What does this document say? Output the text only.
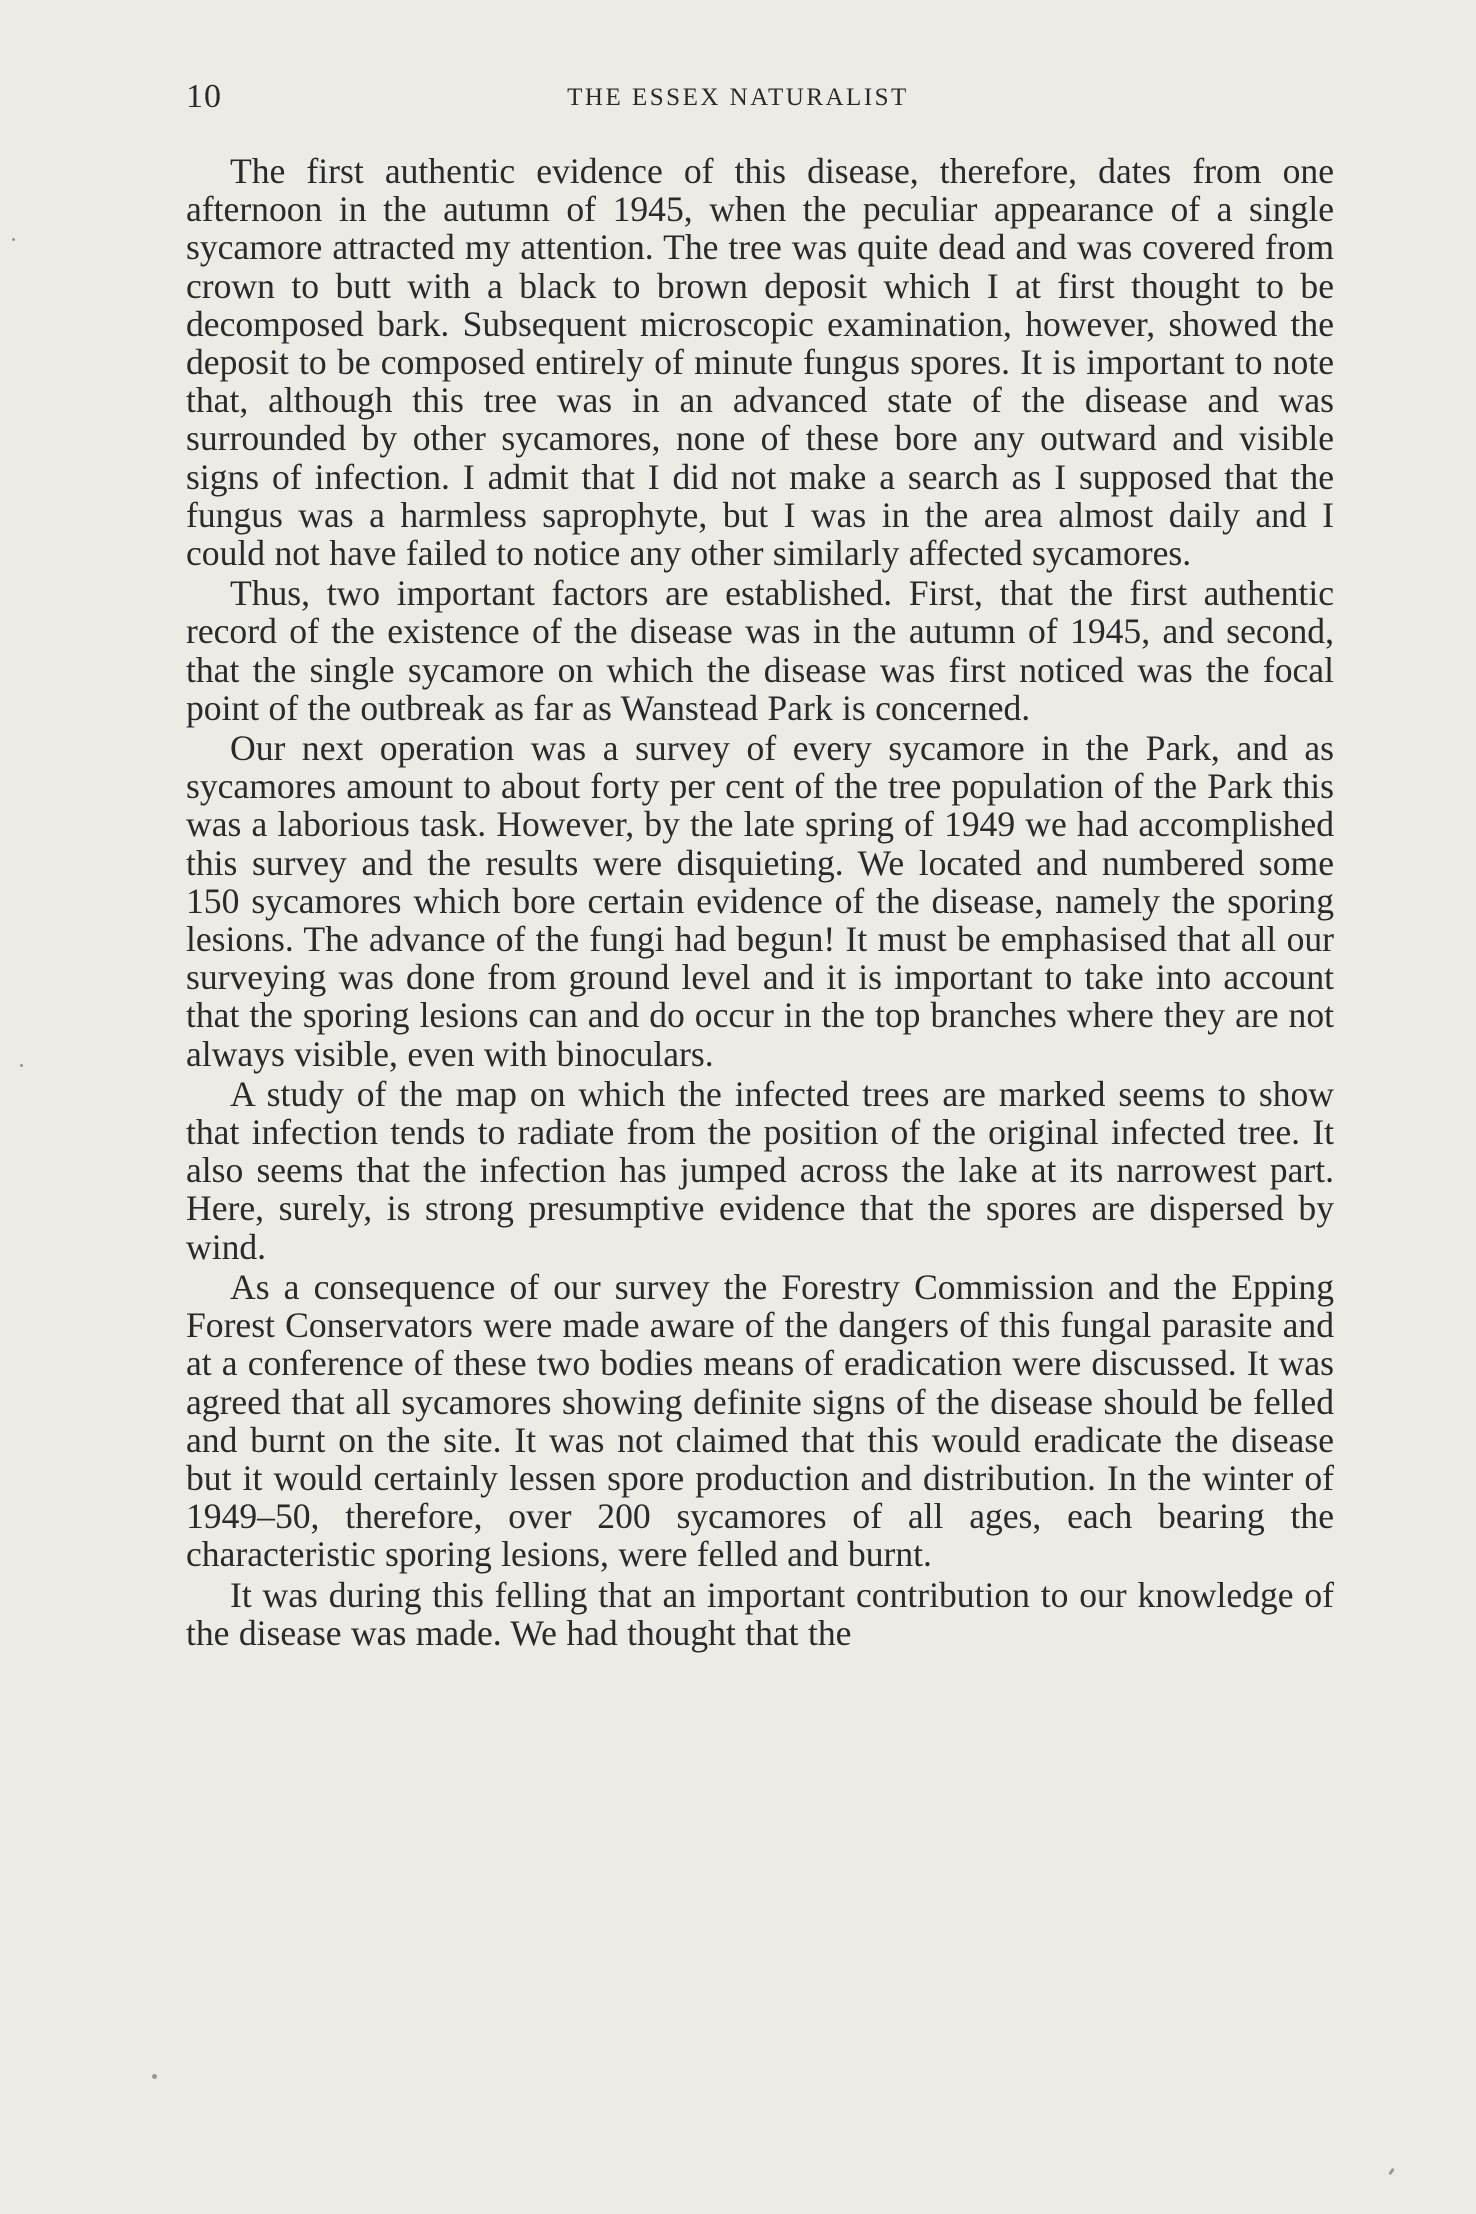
10	THE ESSEX NATURALIST

The first authentic evidence of this disease, therefore, dates from one afternoon in the autumn of 1945, when the peculiar appearance of a single sycamore attracted my attention. The tree was quite dead and was covered from crown to butt with a black to brown deposit which I at first thought to be decomposed bark. Subsequent microscopic examination, however, showed the deposit to be composed entirely of minute fungus spores. It is important to note that, although this tree was in an advanced state of the disease and was surrounded by other sycamores, none of these bore any outward and visible signs of infection. I admit that I did not make a search as I supposed that the fungus was a harmless saprophyte, but I was in the area almost daily and I could not have failed to notice any other similarly affected sycamores.

Thus, two important factors are established. First, that the first authentic record of the existence of the disease was in the autumn of 1945, and second, that the single sycamore on which the disease was first noticed was the focal point of the outbreak as far as Wanstead Park is concerned.

Our next operation was a survey of every sycamore in the Park, and as sycamores amount to about forty per cent of the tree population of the Park this was a laborious task. However, by the late spring of 1949 we had accomplished this survey and the results were disquieting. We located and numbered some 150 sycamores which bore certain evidence of the disease, namely the sporing lesions. The advance of the fungi had begun! It must be emphasised that all our surveying was done from ground level and it is important to take into account that the sporing lesions can and do occur in the top branches where they are not always visible, even with binoculars.

A study of the map on which the infected trees are marked seems to show that infection tends to radiate from the position of the original infected tree. It also seems that the infection has jumped across the lake at its narrowest part. Here, surely, is strong presumptive evidence that the spores are dispersed by wind.

As a consequence of our survey the Forestry Commission and the Epping Forest Conservators were made aware of the dangers of this fungal parasite and at a conference of these two bodies means of eradication were discussed. It was agreed that all sycamores showing definite signs of the disease should be felled and burnt on the site. It was not claimed that this would eradicate the disease but it would certainly lessen spore production and distribution. In the winter of 1949–50, therefore, over 200 sycamores of all ages, each bearing the characteristic sporing lesions, were felled and burnt.

It was during this felling that an important contribution to our knowledge of the disease was made. We had thought that the
